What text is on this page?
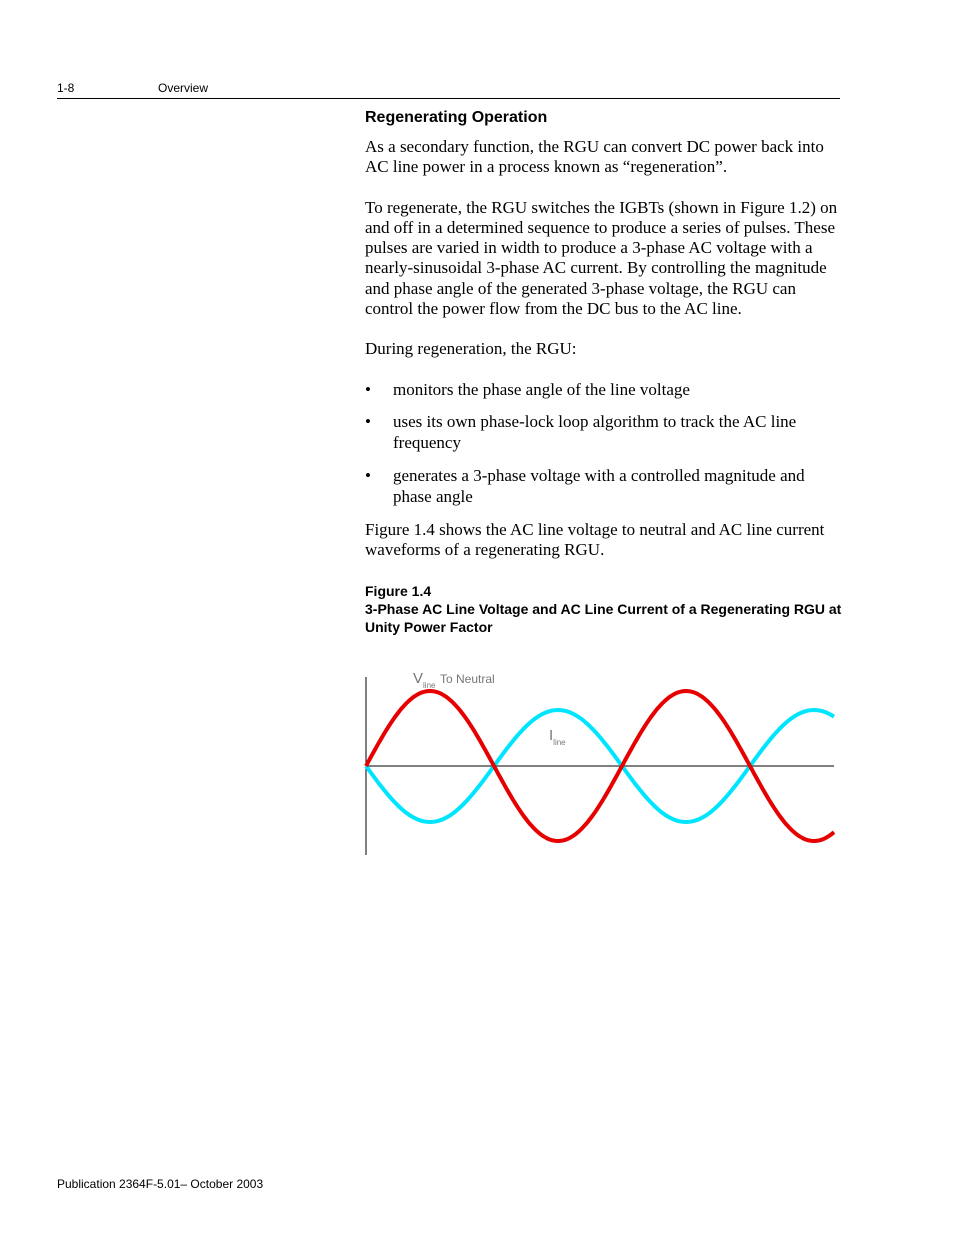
1-8	Overview
Regenerating Operation

As a secondary function, the RGU can convert DC power back into AC line power in a process known as “regeneration”.

To regenerate, the RGU switches the IGBTs (shown in Figure 1.2) on and off in a determined sequence to produce a series of pulses. These pulses are varied in width to produce a 3-phase AC voltage with a nearly-sinusoidal 3-phase AC current. By controlling the magnitude and phase angle of the generated 3-phase voltage, the RGU can control the power flow from the DC bus to the AC line.

During regeneration, the RGU:

• monitors the phase angle of the line voltage
• uses its own phase-lock loop algorithm to track the AC line frequency
• generates a 3-phase voltage with a controlled magnitude and phase angle

Figure 1.4 shows the AC line voltage to neutral and AC line current waveforms of a regenerating RGU.

Figure 1.4
3-Phase AC Line Voltage and AC Line Current of a Regenerating RGU at Unity Power Factor
$V_{line}$ To Neutral
$I_{line}$
Publication 2364F-5.01– October 2003
